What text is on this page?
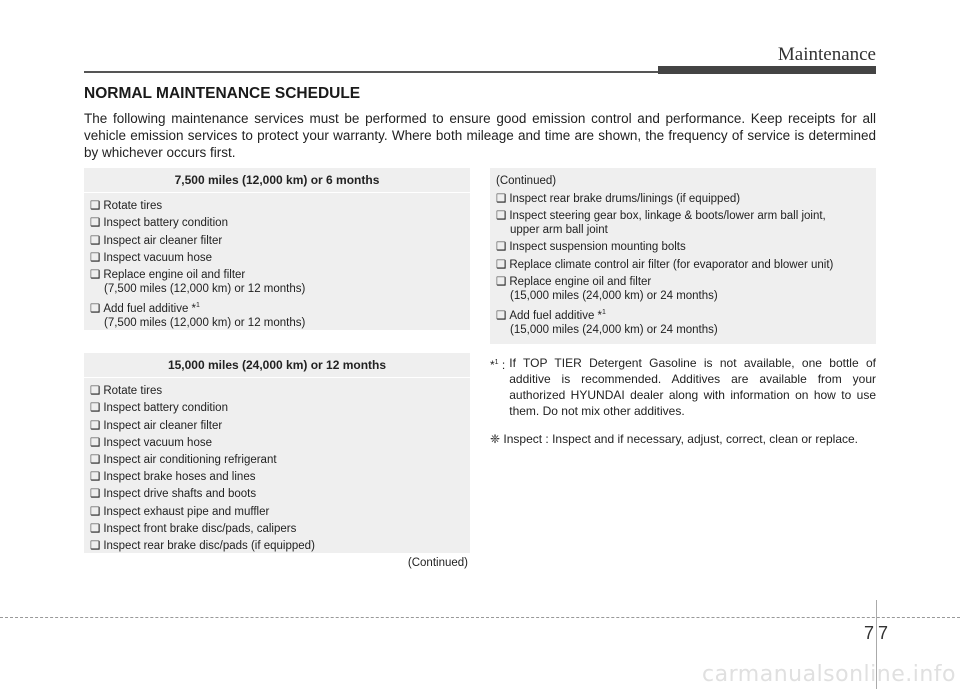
Maintenance
NORMAL MAINTENANCE SCHEDULE

The following maintenance services must be performed to ensure good emission control and performance. Keep receipts for all vehicle emission services to protect your warranty. Where both mileage and time are shown, the frequency of service is determined by whichever occurs first.

7,500 miles (12,000 km) or 6 months
❑ Rotate tires
❑ Inspect battery condition
❑ Inspect air cleaner filter
❑ Inspect vacuum hose
❑ Replace engine oil and filter
(7,500 miles (12,000 km) or 12 months)
❑ Add fuel additive *$^1$
(7,500 miles (12,000 km) or 12 months)
15,000 miles (24,000 km) or 12 months
❑ Rotate tires
❑ Inspect battery condition
❑ Inspect air cleaner filter
❑ Inspect vacuum hose
❑ Inspect air conditioning refrigerant
❑ Inspect brake hoses and lines
❑ Inspect drive shafts and boots
❑ Inspect exhaust pipe and muffler
❑ Inspect front brake disc/pads, calipers
❑ Inspect rear brake disc/pads (if equipped)
(Continued)
(Continued)
❑ Inspect rear brake drums/linings (if equipped)
❑ Inspect steering gear box, linkage & boots/lower arm ball joint,
upper arm ball joint
❑ Inspect suspension mounting bolts
❑ Replace climate control air filter (for evaporator and blower unit)
❑ Replace engine oil and filter
(15,000 miles (24,000 km) or 24 months)
❑ Add fuel additive *$^1$
(15,000 miles (24,000 km) or 24 months)
*$^1$ : If TOP TIER Detergent Gasoline is not available, one bottle of additive is recommended. Additives are available from your authorized HYUNDAI dealer along with information on how to use them. Do not mix other additives.
❈ Inspect : Inspect and if necessary, adjust, correct, clean or replace.
77
carmanualsonline.info
